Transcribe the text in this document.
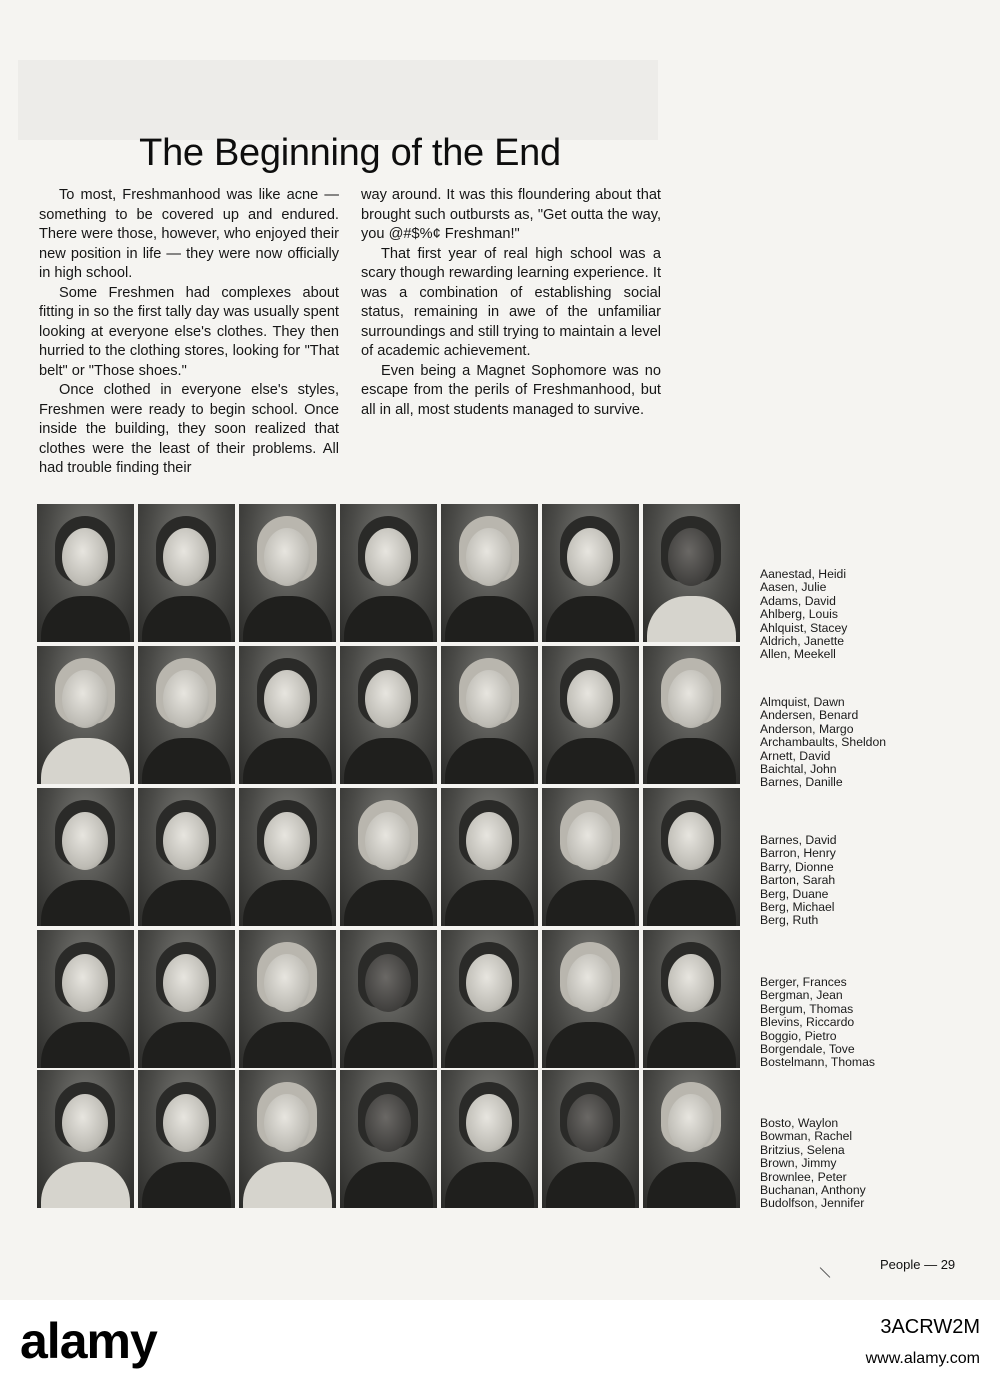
The Beginning of the End

To most, Freshmanhood was like acne — something to be covered up and endured. There were those, however, who enjoyed their new position in life — they were now officially in high school.

Some Freshmen had complexes about fitting in so the first tally day was usually spent looking at everyone else's clothes. They then hurried to the clothing stores, looking for "That belt" or "Those shoes."

Once clothed in everyone else's styles, Freshmen were ready to begin school. Once inside the building, they soon realized that clothes were the least of their problems. All had trouble finding their

way around. It was this floundering about that brought such outbursts as, "Get outta the way, you @#$%¢ Freshman!"

That first year of real high school was a scary though rewarding learning experience. It was a combination of establishing social status, remaining in awe of the unfamiliar surroundings and still trying to maintain a level of academic achievement.

Even being a Magnet Sophomore was no escape from the perils of Freshmanhood, but all in all, most students managed to survive.

Aanestad, Heidi
Aasen, Julie
Adams, David
Ahlberg, Louis
Ahlquist, Stacey
Aldrich, Janette
Allen, Meekell
Almquist, Dawn
Andersen, Benard
Anderson, Margo
Archambaults, Sheldon
Arnett, David
Baichtal, John
Barnes, Danille
Barnes, David
Barron, Henry
Barry, Dionne
Barton, Sarah
Berg, Duane
Berg, Michael
Berg, Ruth
Berger, Frances
Bergman, Jean
Bergum, Thomas
Blevins, Riccardo
Boggio, Pietro
Borgendale, Tove
Bostelmann, Thomas
Bosto, Waylon
Bowman, Rachel
Britzius, Selena
Brown, Jimmy
Brownlee, Peter
Buchanan, Anthony
Budolfson, Jennifer
People — 29
alamy	3ACRW2M
www.alamy.com
